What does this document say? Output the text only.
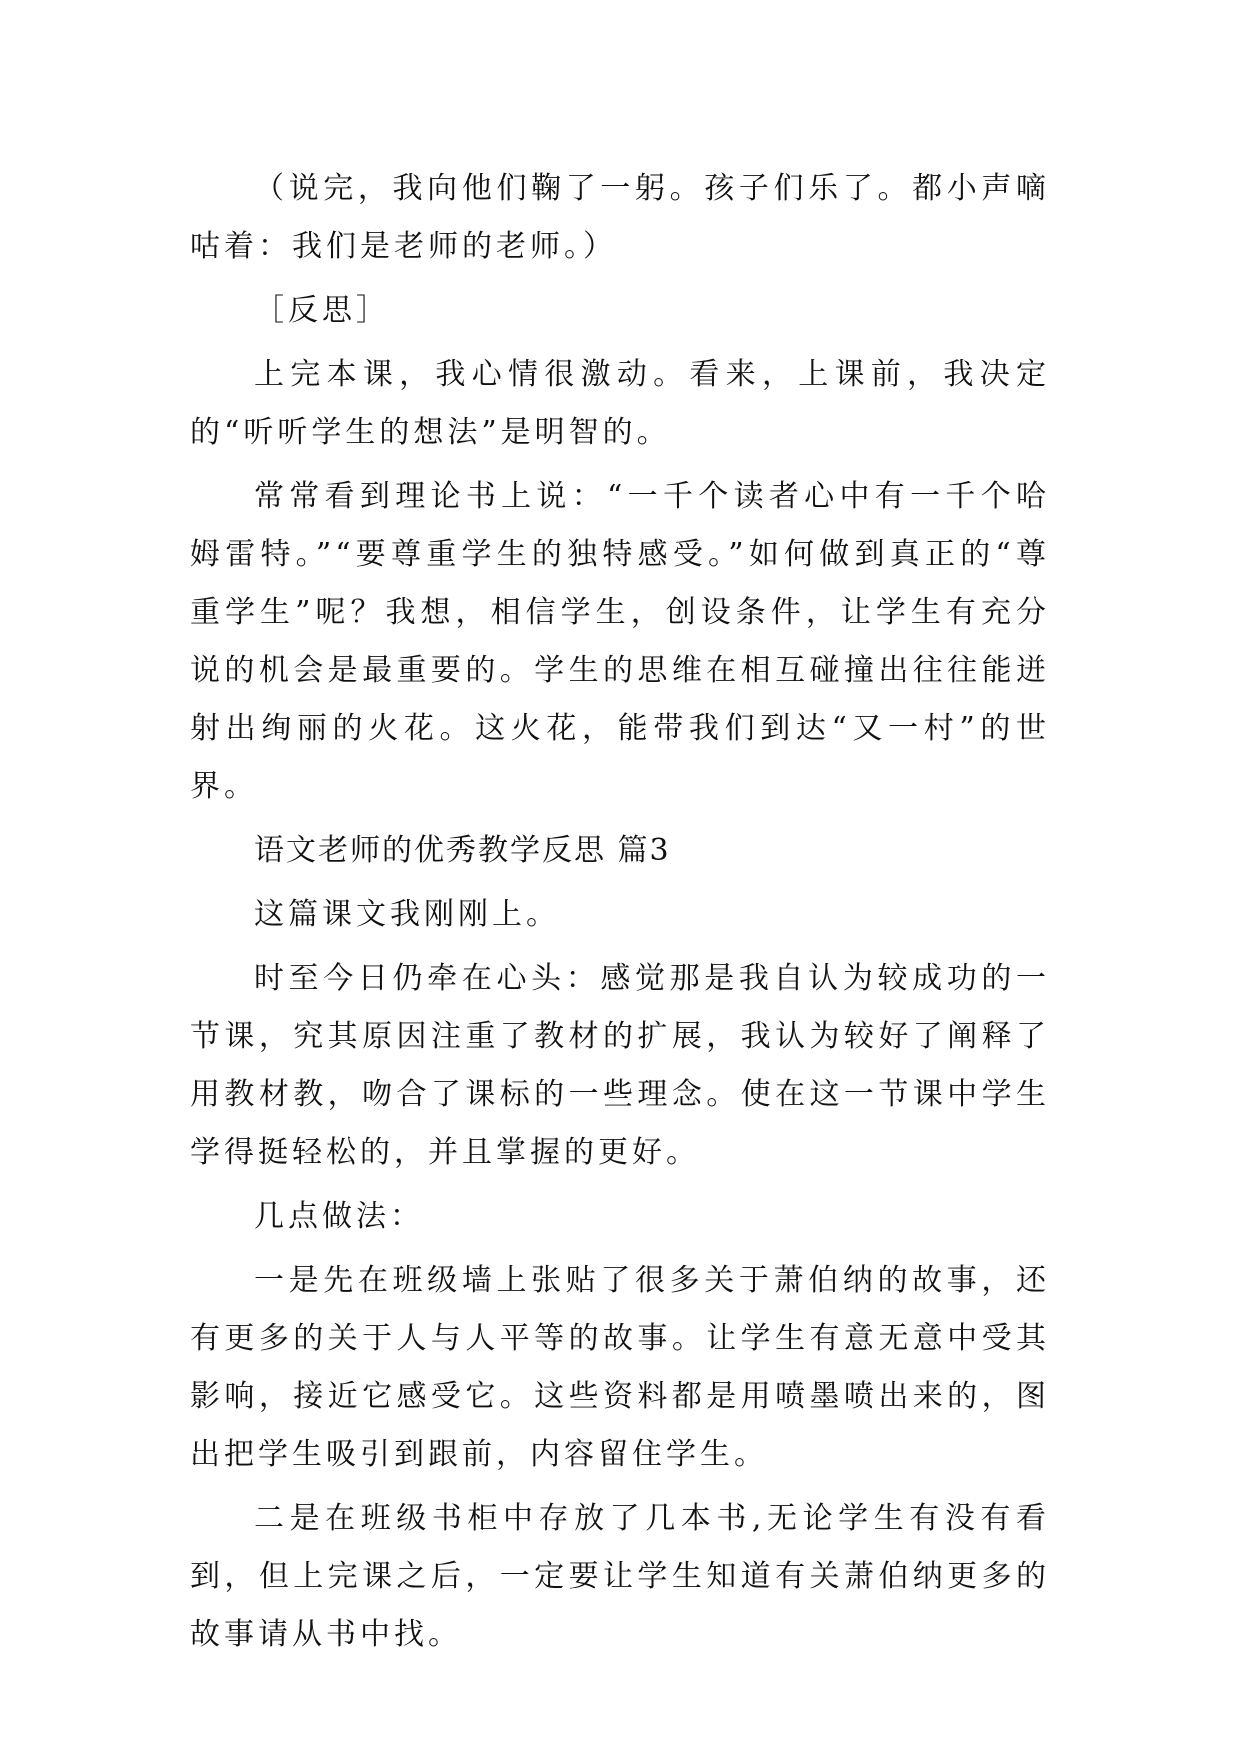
（说完，我向他们鞠了一躬。孩子们乐了。都小声嘀咕着：我们是老师的老师。）

［反思］

上完本课，我心情很激动。看来，上课前，我决定的“听听学生的想法”是明智的。

常常看到理论书上说：“一千个读者心中有一千个哈姆雷特。”“要尊重学生的独特感受。”如何做到真正的“尊重学生”呢？我想，相信学生，创设条件，让学生有充分说的机会是最重要的。学生的思维在相互碰撞出往往能迸射出绚丽的火花。这火花，能带我们到达“又一村”的世界。

语文老师的优秀教学反思 篇3

这篇课文我刚刚上。

时至今日仍牵在心头：感觉那是我自认为较成功的一节课，究其原因注重了教材的扩展，我认为较好了阐释了用教材教，吻合了课标的一些理念。使在这一节课中学生学得挺轻松的，并且掌握的更好。

几点做法：

一是先在班级墙上张贴了很多关于萧伯纳的故事，还有更多的关于人与人平等的故事。让学生有意无意中受其影响，接近它感受它。这些资料都是用喷墨喷出来的，图出把学生吸引到跟前，内容留住学生。

二是在班级书柜中存放了几本书,无论学生有没有看到，但上完课之后，一定要让学生知道有关萧伯纳更多的故事请从书中找。
